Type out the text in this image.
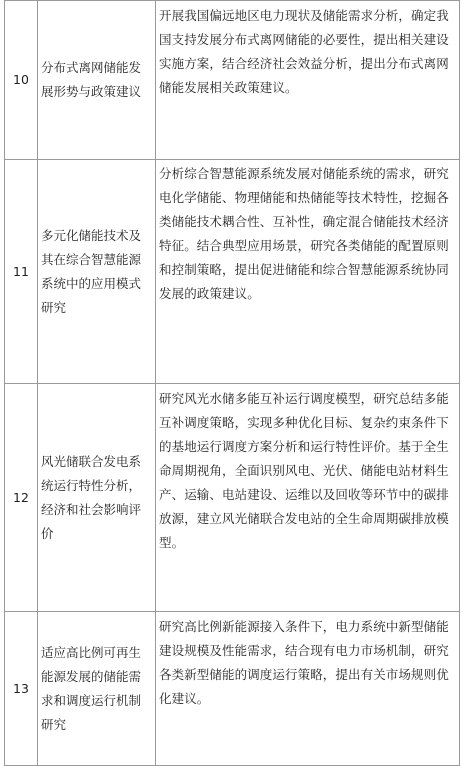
10	分布式离网储能发展形势与政策建议	开展我国偏远地区电力现状及储能需求分析，确定我国支持发展分布式离网储能的必要性，提出相关建设实施方案，结合经济社会效益分析，提出分布式离网储能发展相关政策建议。
11	多元化储能技术及其在综合智慧能源系统中的应用模式研究	分析综合智慧能源系统发展对储能系统的需求，研究电化学储能、物理储能和热储能等技术特性，挖掘各类储能技术耦合性、互补性，确定混合储能技术经济特征。结合典型应用场景，研究各类储能的配置原则和控制策略，提出促进储能和综合智慧能源系统协同发展的政策建议。
12	风光储联合发电系统运行特性分析，经济和社会影响评价	研究风光水储多能互补运行调度模型，研究总结多能互补调度策略，实现多种优化目标、复杂约束条件下的基地运行调度方案分析和运行特性评价。基于全生命周期视角，全面识别风电、光伏、储能电站材料生产、运输、电站建设、运维以及回收等环节中的碳排放源，建立风光储联合发电站的全生命周期碳排放模型。
13	适应高比例可再生能源发展的储能需求和调度运行机制研究	研究高比例新能源接入条件下，电力系统中新型储能建设规模及性能需求，结合现有电力市场机制，研究各类新型储能的调度运行策略，提出有关市场规则优化建议。
